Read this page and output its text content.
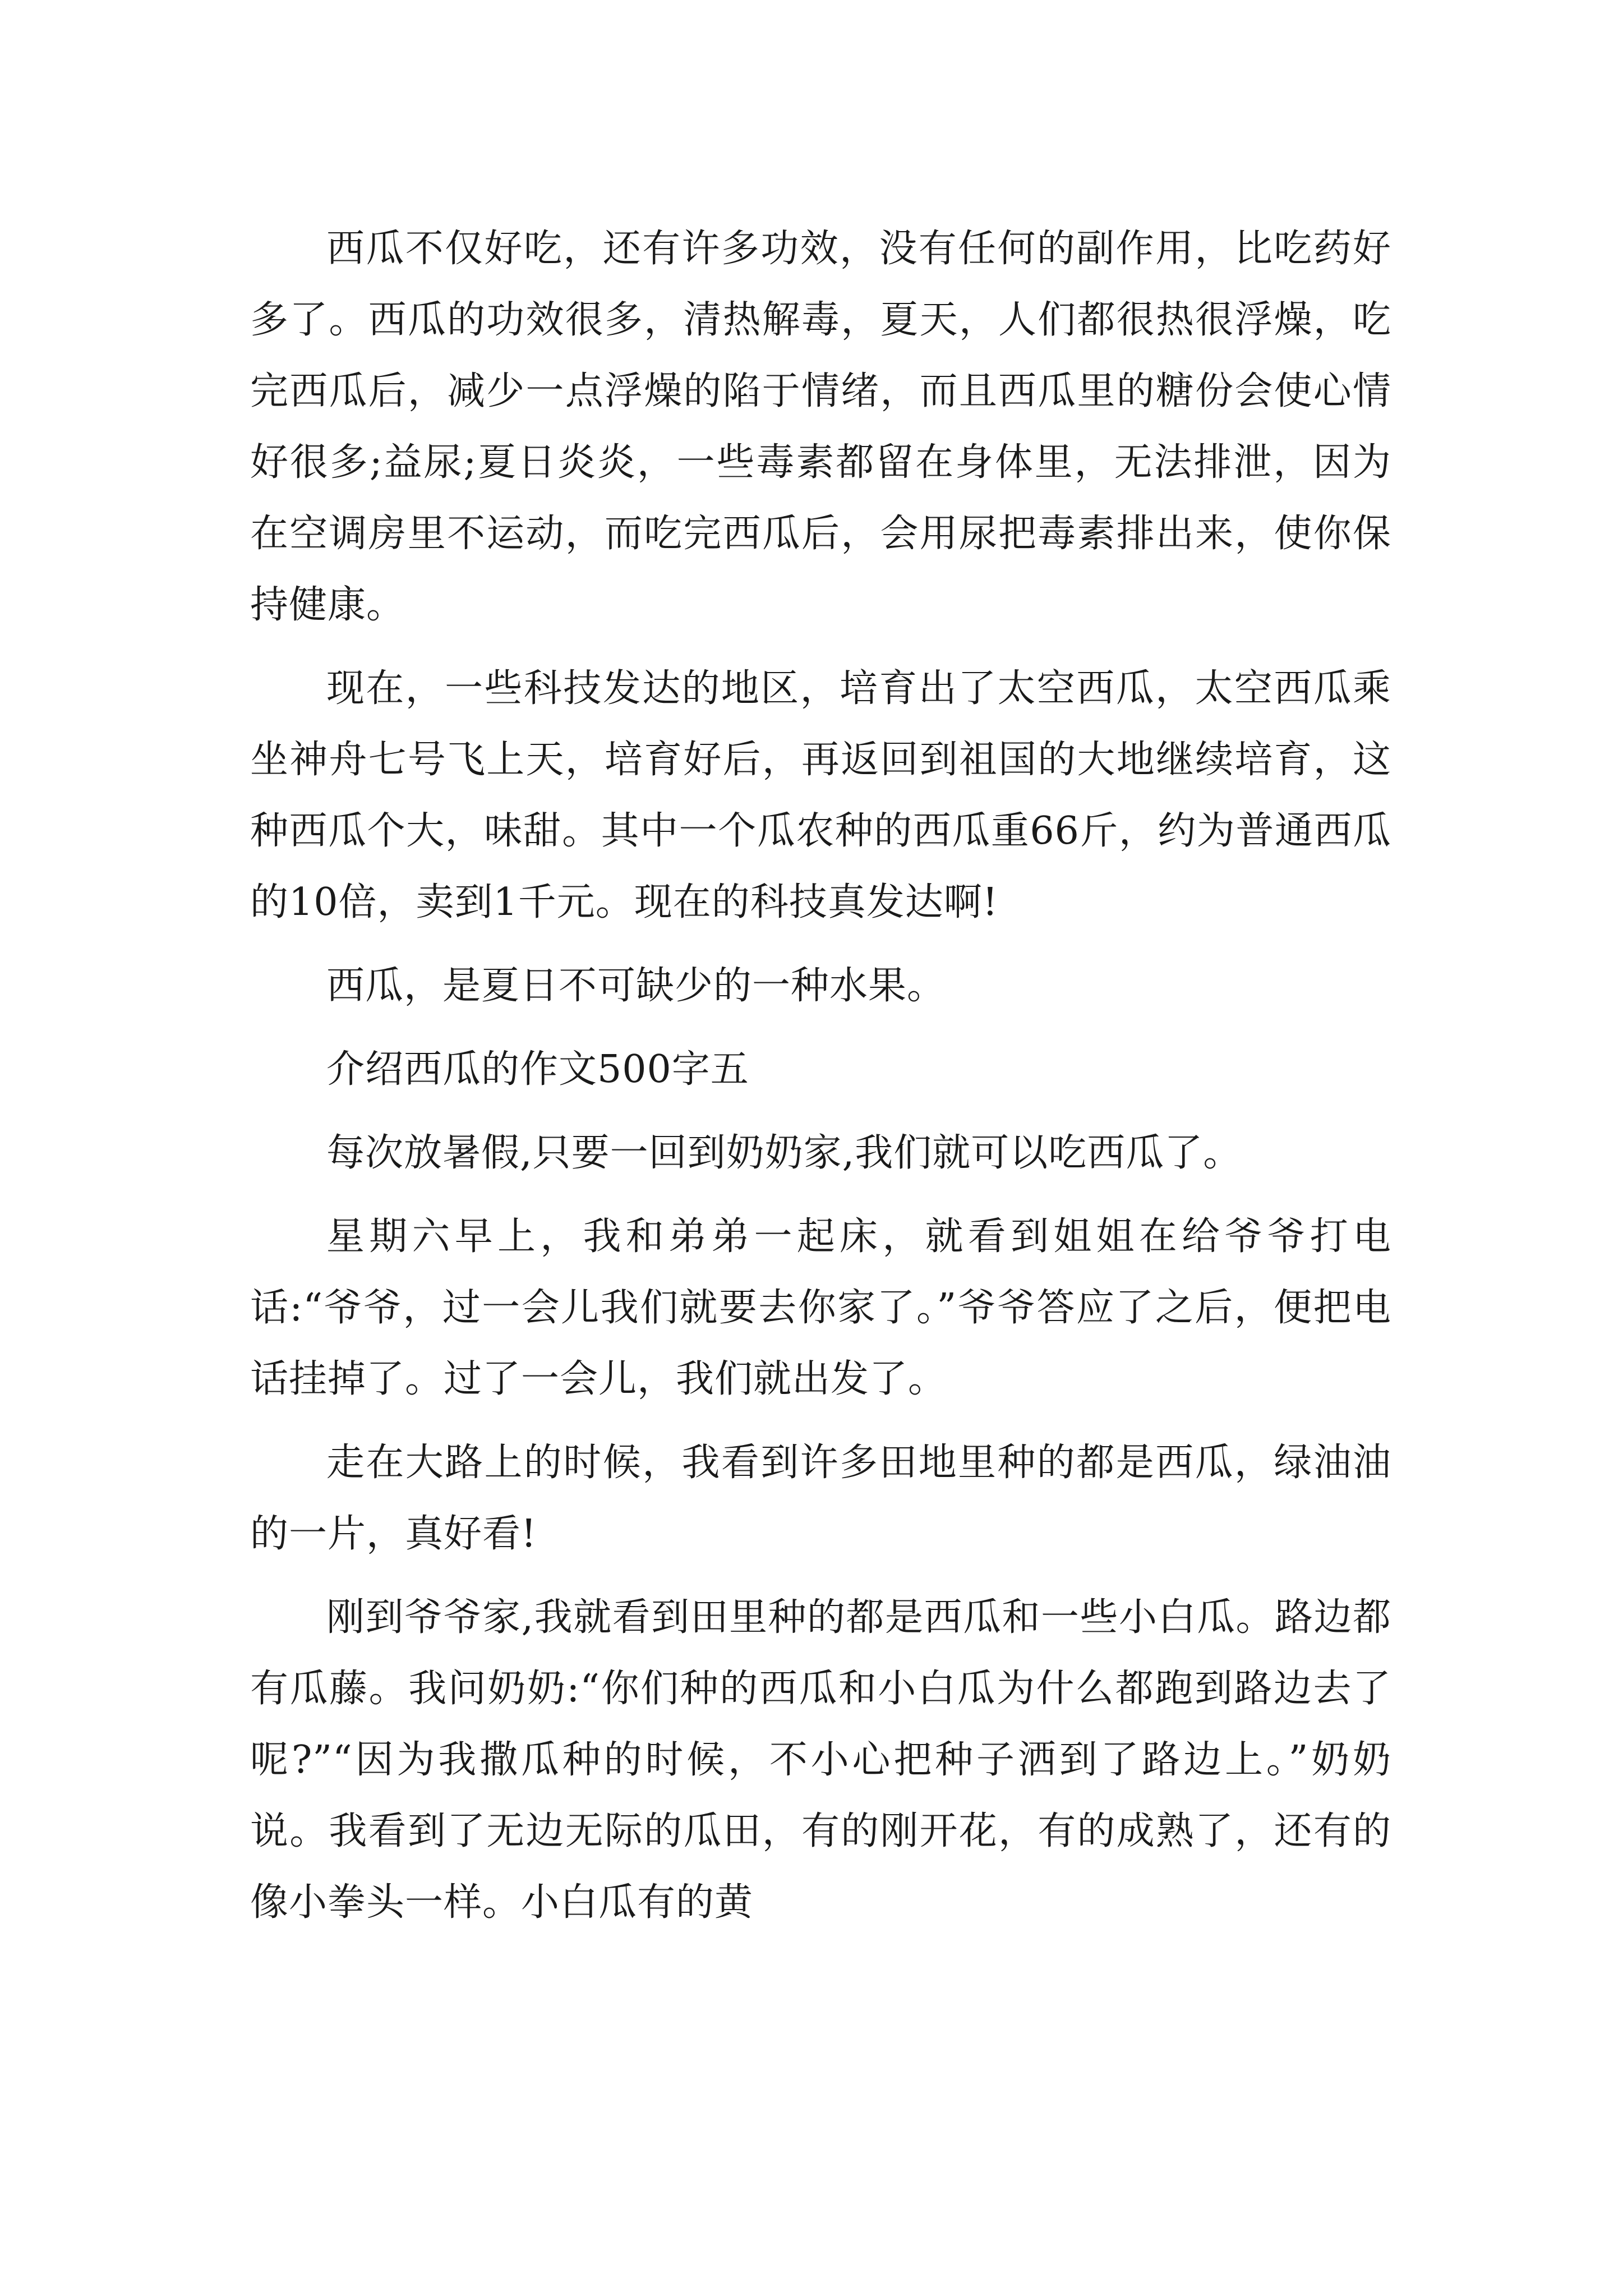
西瓜不仅好吃，还有许多功效，没有任何的副作用，比吃药好多了。西瓜的功效很多，清热解毒，夏天，人们都很热很浮燥，吃完西瓜后，减少一点浮燥的陷于情绪，而且西瓜里的糖份会使心情好很多;益尿;夏日炎炎，一些毒素都留在身体里，无法排泄，因为在空调房里不运动，而吃完西瓜后，会用尿把毒素排出来，使你保持健康。

现在，一些科技发达的地区，培育出了太空西瓜，太空西瓜乘坐神舟七号飞上天，培育好后，再返回到祖国的大地继续培育，这种西瓜个大，味甜。其中一个瓜农种的西瓜重66斤，约为普通西瓜的10倍，卖到1千元。现在的科技真发达啊!

西瓜，是夏日不可缺少的一种水果。

介绍西瓜的作文500字五

每次放暑假,只要一回到奶奶家,我们就可以吃西瓜了。

星期六早上，我和弟弟一起床，就看到姐姐在给爷爷打电话:“爷爷，过一会儿我们就要去你家了。”爷爷答应了之后，便把电话挂掉了。过了一会儿，我们就出发了。

走在大路上的时候，我看到许多田地里种的都是西瓜，绿油油的一片，真好看!

刚到爷爷家,我就看到田里种的都是西瓜和一些小白瓜。路边都有瓜藤。我问奶奶:“你们种的西瓜和小白瓜为什么都跑到路边去了呢?”“因为我撒瓜种的时候，不小心把种子洒到了路边上。”奶奶说。我看到了无边无际的瓜田，有的刚开花，有的成熟了，还有的像小拳头一样。小白瓜有的黄
